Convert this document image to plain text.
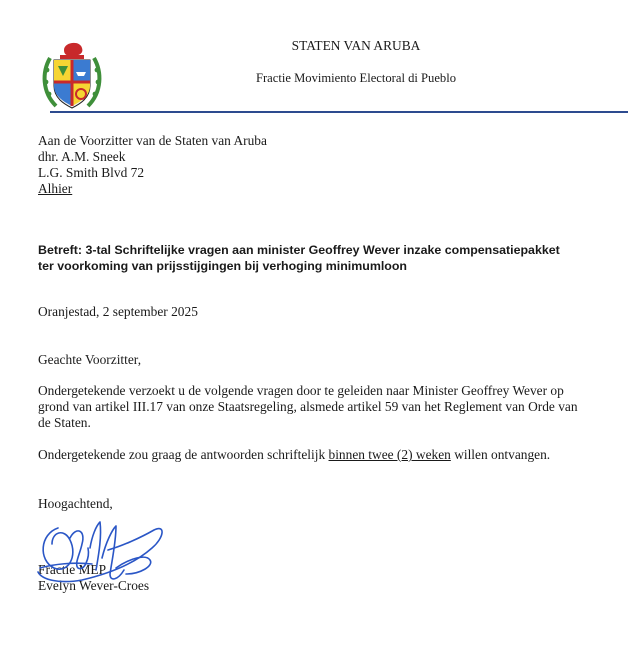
STATEN VAN ARUBA
Fractie Movimiento Electoral di Pueblo
Aan de Voorzitter van de Staten van Aruba
dhr. A.M. Sneek
L.G. Smith Blvd 72
Alhier
Betreft: 3-tal Schriftelijke vragen aan minister Geoffrey Wever inzake compensatiepakket
ter voorkoming van prijsstijgingen bij verhoging minimumloon
Oranjestad, 2 september 2025
Geachte Voorzitter,
Ondergetekende verzoekt u de volgende vragen door te geleiden naar Minister Geoffrey Wever op
grond van artikel III.17 van onze Staatsregeling, alsmede artikel 59 van het Reglement van Orde van
de Staten.
Ondergetekende zou graag de antwoorden schriftelijk binnen twee (2) weken willen ontvangen.
Hoogachtend,
Fractie MEP
Evelyn Wever-Croes
